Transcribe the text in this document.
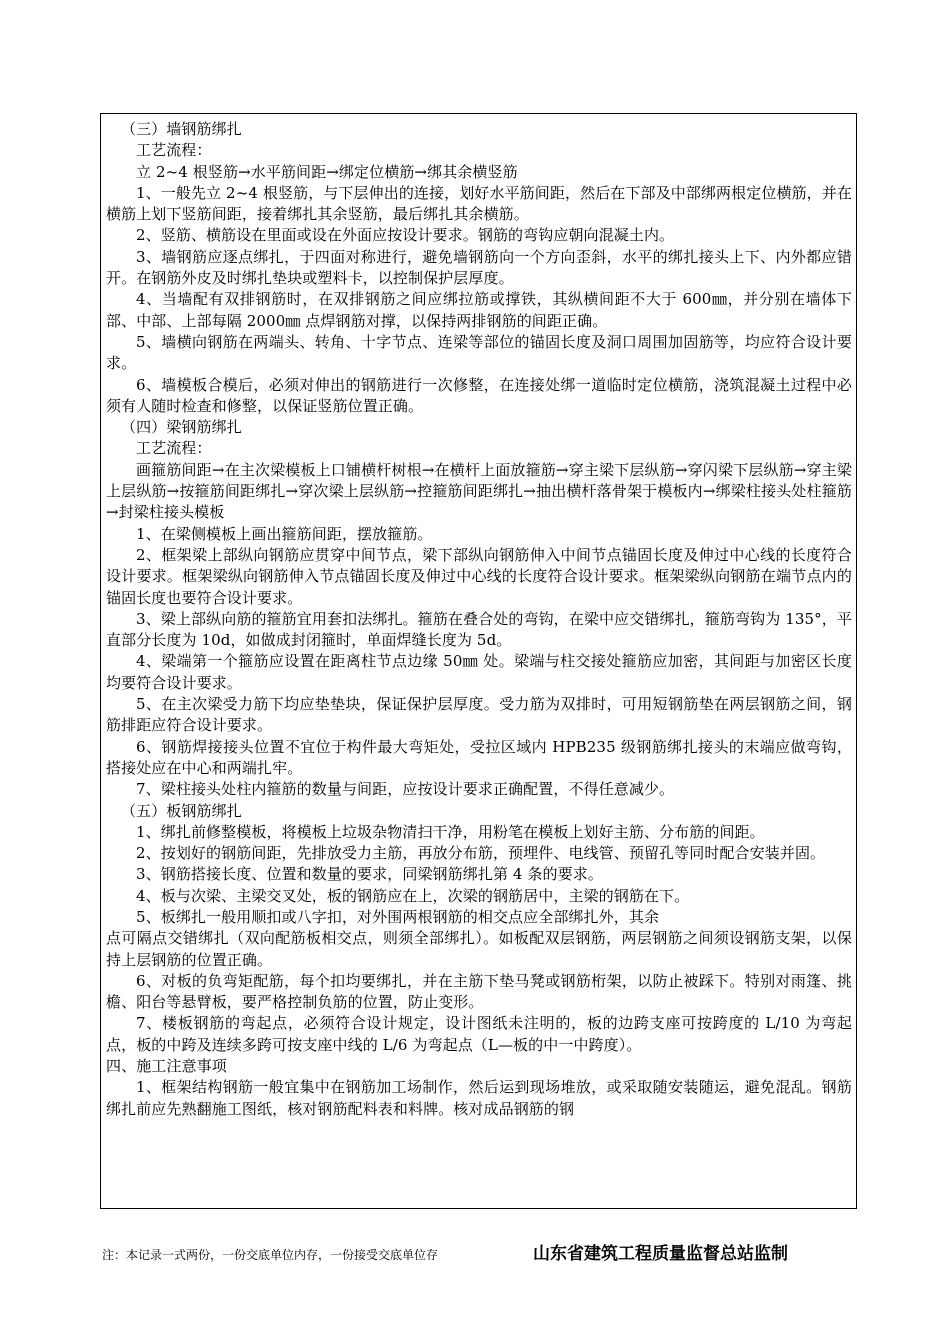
（三）墙钢筋绑扎

工艺流程：

立 2~4 根竖筋→水平筋间距→绑定位横筋→绑其余横竖筋

1、一般先立 2~4 根竖筋，与下层伸出的连接，划好水平筋间距，然后在下部及中部绑两根定位横筋，并在横筋上划下竖筋间距，接着绑扎其余竖筋，最后绑扎其余横筋。

2、竖筋、横筋设在里面或设在外面应按设计要求。钢筋的弯钩应朝向混凝土内。

3、墙钢筋应逐点绑扎，于四面对称进行，避免墙钢筋向一个方向歪斜，水平的绑扎接头上下、内外都应错开。在钢筋外皮及时绑扎垫块或塑料卡，以控制保护层厚度。

4、当墙配有双排钢筋时，在双排钢筋之间应绑拉筋或撑铁，其纵横间距不大于 600㎜，并分别在墙体下部、中部、上部每隔 2000㎜ 点焊钢筋对撑，以保持两排钢筋的间距正确。

5、墙横向钢筋在两端头、转角、十字节点、连梁等部位的锚固长度及洞口周围加固筋等，均应符合设计要求。

6、墙模板合模后，必须对伸出的钢筋进行一次修整，在连接处绑一道临时定位横筋，浇筑混凝土过程中必须有人随时检查和修整，以保证竖筋位置正确。

（四）梁钢筋绑扎

工艺流程：

画箍筋间距→在主次梁模板上口铺横杆树根→在横杆上面放箍筋→穿主梁下层纵筋→穿闪梁下层纵筋→穿主梁上层纵筋→按箍筋间距绑扎→穿次梁上层纵筋→控箍筋间距绑扎→抽出横杆落骨架于模板内→绑梁柱接头处柱箍筋→封梁柱接头模板

1、在梁侧模板上画出箍筋间距，摆放箍筋。

2、框架梁上部纵向钢筋应贯穿中间节点，梁下部纵向钢筋伸入中间节点锚固长度及伸过中心线的长度符合设计要求。框架梁纵向钢筋伸入节点锚固长度及伸过中心线的长度符合设计要求。框架梁纵向钢筋在端节点内的锚固长度也要符合设计要求。

3、梁上部纵向筋的箍筋宜用套扣法绑扎。箍筋在叠合处的弯钩，在梁中应交错绑扎，箍筋弯钩为 135°，平直部分长度为 10d，如做成封闭箍时，单面焊缝长度为 5d。

4、梁端第一个箍筋应设置在距离柱节点边缘 50㎜ 处。梁端与柱交接处箍筋应加密，其间距与加密区长度均要符合设计要求。

5、在主次梁受力筋下均应垫垫块，保证保护层厚度。受力筋为双排时，可用短钢筋垫在两层钢筋之间，钢筋排距应符合设计要求。

6、钢筋焊接接头位置不宜位于构件最大弯矩处，受拉区域内 HPB235 级钢筋绑扎接头的末端应做弯钩，搭接处应在中心和两端扎牢。

7、梁柱接头处柱内箍筋的数量与间距，应按设计要求正确配置，不得任意减少。

（五）板钢筋绑扎

1、绑扎前修整模板，将模板上垃圾杂物清扫干净，用粉笔在模板上划好主筋、分布筋的间距。

2、按划好的钢筋间距，先排放受力主筋，再放分布筋，预埋件、电线管、预留孔等同时配合安装并固。

3、钢筋搭接长度、位置和数量的要求，同梁钢筋绑扎第 4 条的要求。

4、板与次梁、主梁交叉处，板的钢筋应在上，次梁的钢筋居中，主梁的钢筋在下。

5、板绑扎一般用顺扣或八字扣，对外围两根钢筋的相交点应全部绑扎外，其余

点可隔点交错绑扎（双向配筋板相交点，则须全部绑扎）。如板配双层钢筋，两层钢筋之间须设钢筋支架，以保持上层钢筋的位置正确。

6、对板的负弯矩配筋，每个扣均要绑扎，并在主筋下垫马凳或钢筋桁架，以防止被踩下。特别对雨篷、挑檐、阳台等悬臂板，要严格控制负筋的位置，防止变形。

7、楼板钢筋的弯起点，必须符合设计规定，设计图纸未注明的，板的边跨支座可按跨度的 L/10 为弯起点，板的中跨及连续多跨可按支座中线的 L/6 为弯起点（L—板的中一中跨度）。

四、施工注意事项

1、框架结构钢筋一般宜集中在钢筋加工场制作，然后运到现场堆放，或采取随安装随运，避免混乱。钢筋绑扎前应先熟翻施工图纸，核对钢筋配料表和料牌。核对成品钢筋的钢

注：本记录一式两份，一份交底单位内存，一份接受交底单位存	山东省建筑工程质量监督总站监制
